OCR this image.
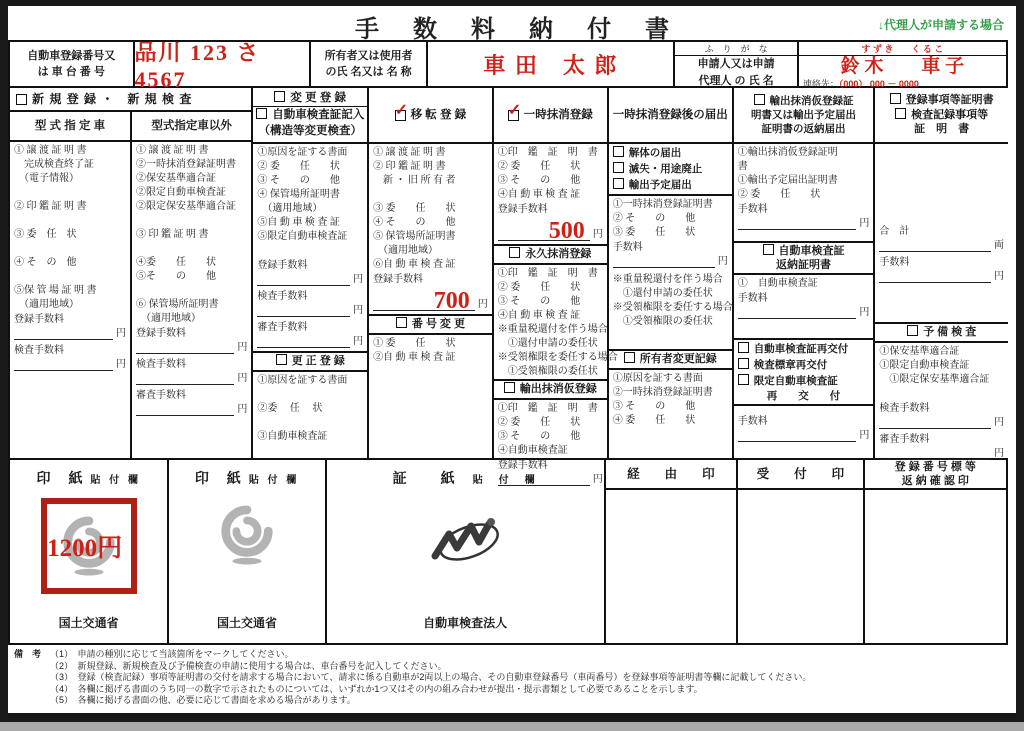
手数料納付書	↓代理人が申請する場合
自動車登録番号又
は 車 台 番 号
品川 123 さ 4567
所有者又は使用者
の氏 名又は 名 称	車 田　太 郎
ふ　り　が　な
申請人又は申請
代理人 の 氏 名
す ず き　　く る こ
鈴 木　　車 子
連絡先：（000） 000 － 0000
新 規 登 録 ・　新 規 検 査
型 式 指 定 車	型式指定車以外
① 譲 渡 証 明 書
　完成検査終了証
　（電子情報）
② 印 鑑 証 明 書
③ 委　任　状
④ そ　の　他
⑤保 管 場 証 明 書
　（適用地域）
登録手数料
円
検査手数料
円
① 譲 渡 証 明 書
②一時抹消登録証明書
②保安基準適合証
②限定自動車検査証
②限定保安基準適合証
③ 印 鑑 証 明 書
④委　　任　　状
⑤そ　　の　　他
⑥ 保管場所証明書
　（適用地域）
登録手数料
円
検査手数料
円
審査手数料
円
変 更 登 録
自動車検査証記入
（構造等変更検査）
①原因を証する書面
② 委　　任　　状
③ そ　　の　　他
④ 保管場所証明書
　（適用地域）
⑤自 動 車 検 査 証
⑤限定自動車検査証
登録手数料
円
検査手数料
円
審査手数料
円
更 正 登 録
①原因を証する書面
②委　 任　 状
③自動車検査証
✓
移 転 登 録
① 譲 渡 証 明 書
② 印 鑑 証 明 書
　新 ・ 旧 所 有 者
③ 委　　任　　状
④ そ　　の　　他
⑤ 保管場所証明書
　（適用地域）
⑥自 動 車 検 査 証
登録手数料
700 円
番 号 変 更
① 委　　任　　状
②自 動 車 検 査 証
✓
一時抹消登録
①印　鑑　証　明　書
② 委　　任　　状
③ そ　　の　　他
④自 動 車 検 査 証
登録手数料
500 円
永久抹消登録
①印　鑑　証　明　書
② 委　　任　　状
③ そ　　の　　他
④自 動 車 検 査 証
※重量税還付を伴う場合
　①還付申請の委任状
※受領権限を委任する場合
　①受領権限の委任状
輸出抹消仮登録
①印　鑑　証　明　書
② 委　　任　　状
③ そ　　の　　他
④自動車検査証
登録手数料
円
一時抹消登録後の届出
解体の届出
滅失・用途廃止
輸出予定届出
①一時抹消登録証明書
② そ　　の　　他
③ 委　　任　　状
手数料
円
※重量税還付を伴う場合
　①還付申請の委任状
※受領権限を委任する場合
　①受領権限の委任状
所有者変更記録
①原因を証する書面
②一時抹消登録証明書
③ そ　　の　　他
④ 委　　任　　状
輸出抹消仮登録証
明書又は輸出予定届出
証明書の返納届出
①輸出抹消仮登録証明
書
①輸出予定届出証明書
② 委　　任　　状
手数料
円
自動車検査証
返納証明書
①　自動車検査証
手数料
円
自動車検査証再交付
検査標章再交付
限定自動車検査証
再　　交　　付
手数料
円
登録事項等証明書
検査記録事項等
証　明　書
合　計
両
手数料
円
予 備 検 査
①保安基準適合証
①限定自動車検査証
　①限定保安基準適合証
検査手数料
円
審査手数料
円
印　紙 貼 付 欄
1200円
国土交通省
印　紙 貼 付 欄
国土交通省
証　　紙　 貼　付　欄
自動車検査法人
経　　由　　印	受　　付　　印	登 録 番 号 標 等
返 納 確 認 印
備　考 （1）　申請の種別に応じて当該箇所をマークしてください。
（2）　新規登録、新規検査及び予備検査の申請に使用する場合は、車台番号を記入してください。
（3）　登録（検査記録）事項等証明書の交付を請求する場合において、請求に係る自動車が2両以上の場合、その自動車登録番号（車両番号）を登録事項等証明書等欄に記載してください。
（4）　各欄に掲げる書面のうち同一の数字で示されたものについては、いずれか1つ又はその内の組み合わせが提出・提示書類として必要であることを示します。
（5）　各欄に掲げる書面の他、必要に応じて書面を求める場合があります。
